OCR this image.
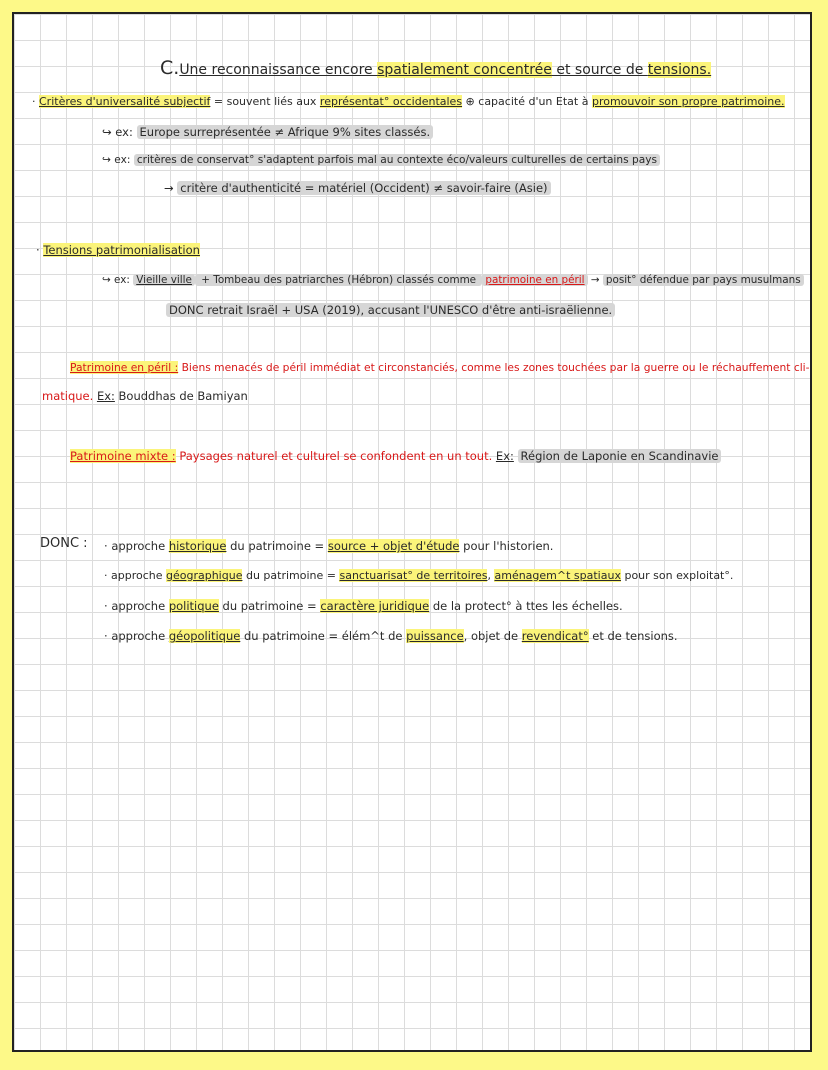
C.Une reconnaissance encore spatialement concentrée et source de tensions.
· Critères d'universalité subjectif = souvent liés aux représentat° occidentales ⊕ capacité d'un Etat à promouvoir son propre patrimoine.
↪ ex: Europe surreprésentée ≠ Afrique 9% sites classés.
↪ ex: critères de conservat° s'adaptent parfois mal au contexte éco/valeurs culturelles de certains pays
→ critère d'authenticité = matériel (Occident) ≠ savoir-faire (Asie)
· Tensions patrimonialisation
↪ ex: Vieille ville + Tombeau des patriarches (Hébron) classés comme patrimoine en péril → posit° défendue par pays musulmans
DONC retrait Israël + USA (2019), accusant l'UNESCO d'être anti-israëlienne.
Patrimoine en péril : Biens menacés de péril immédiat et circonstanciés, comme les zones touchées par la guerre ou le réchauffement cli-
matique. Ex: Bouddhas de Bamiyan
Patrimoine mixte : Paysages naturel et culturel se confondent en un tout. Ex: Région de Laponie en Scandinavie
DONC : · approche historique du patrimoine = source + objet d'étude pour l'historien.
· approche géographique du patrimoine = sanctuarisat° de territoires, aménagem^t spatiaux pour son exploitat°.
· approche politique du patrimoine = caractère juridique de la protect° à ttes les échelles.
· approche géopolitique du patrimoine = élém^t de puissance, objet de revendicat° et de tensions.
